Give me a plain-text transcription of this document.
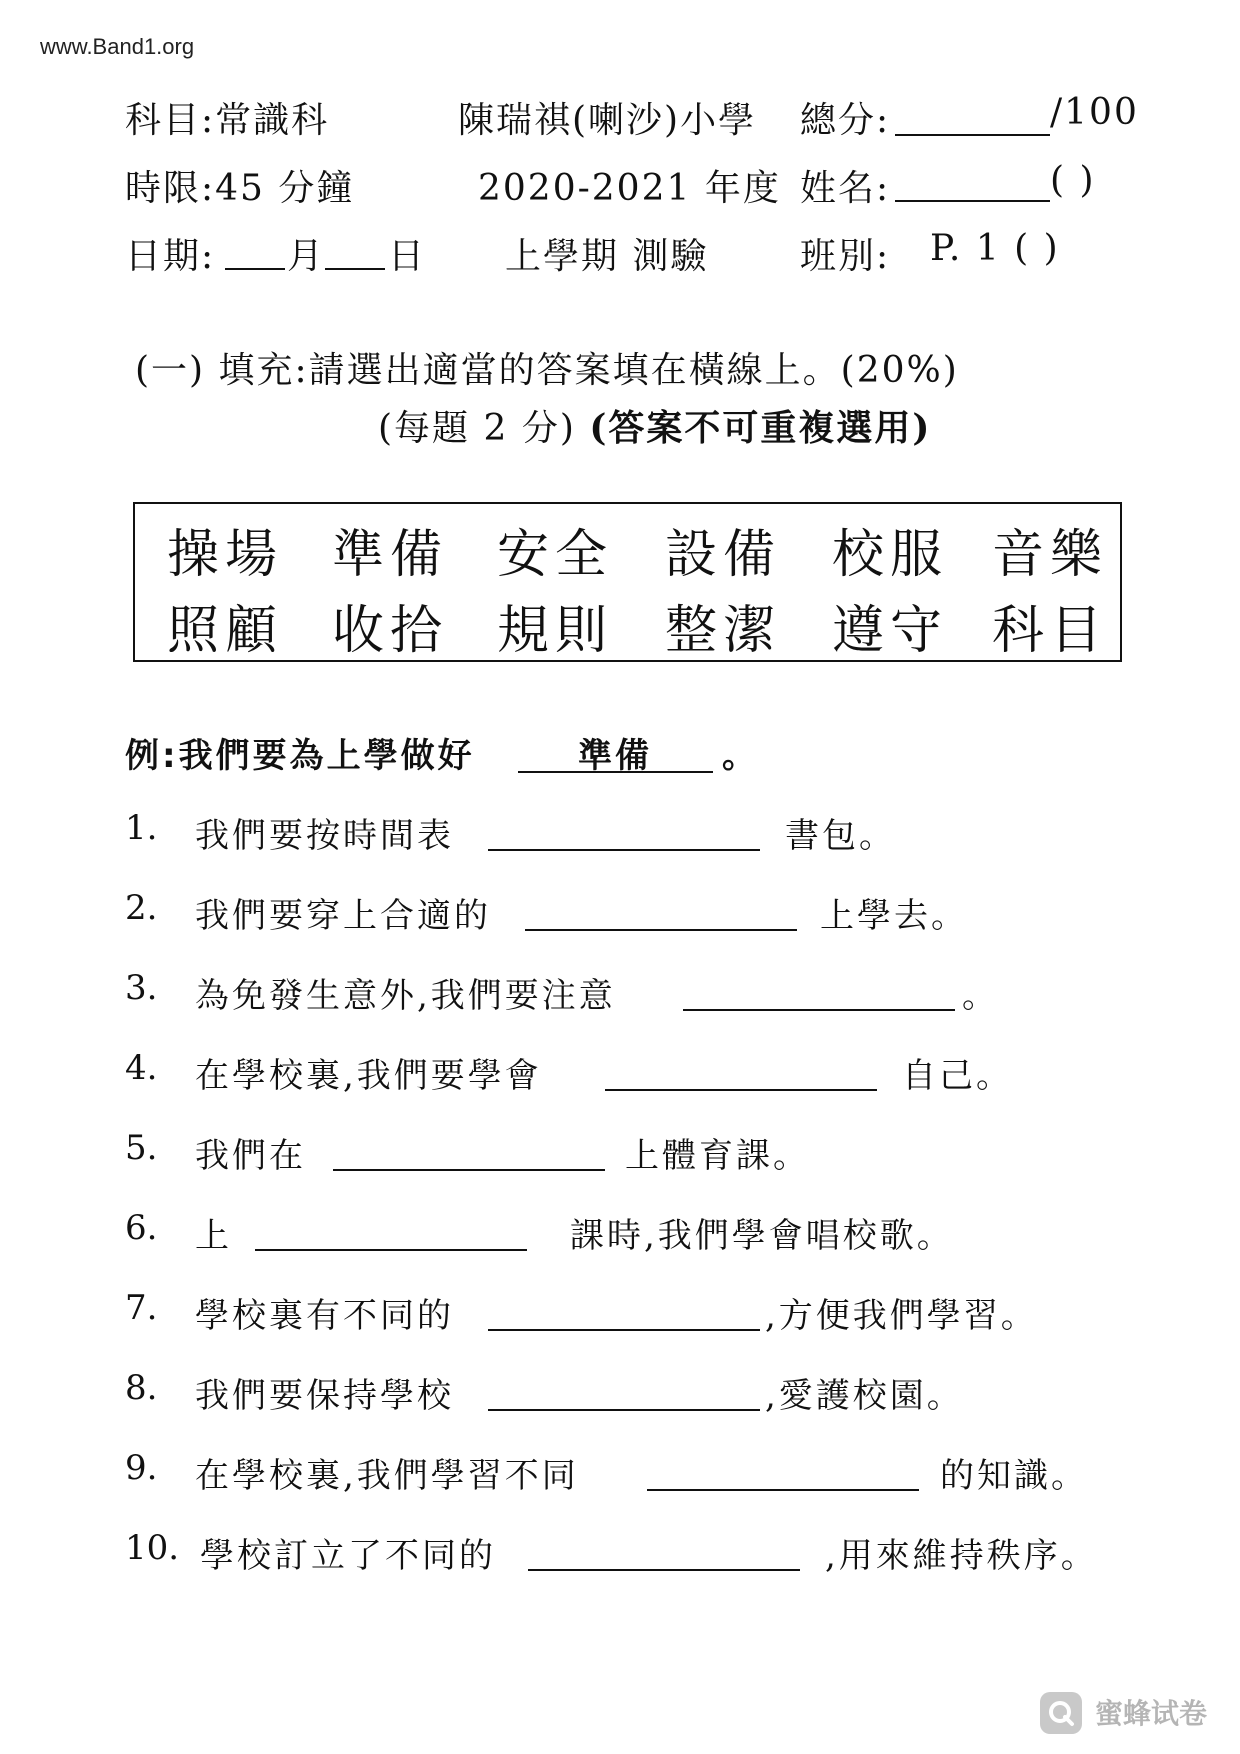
www.Band1.org
科目:常識科	陳瑞祺(喇沙)小學 總分:	/100
時限:45 分鐘	2020-2021 年度 姓名:	( )
日期: 月 日 上學期 測驗	班別: P. 1 ( )
(一) 填充:請選出適當的答案填在橫線上。(20%)
(每題 2 分) (答案不可重複選用)
操場 準備 安全 設備 校服 音樂
照顧 收拾 規則 整潔 遵守 科目
例:我們要為上學做好	準備 。
1. 我們要按時間表	書包。
2. 我們要穿上合適的	上學去。
3. 為免發生意外,我們要注意	。
4. 在學校裏,我們要學會	自己。
5. 我們在	上體育課。
6. 上	課時,我們學會唱校歌。
7. 學校裏有不同的	,方便我們學習。
8. 我們要保持學校	,愛護校園。
9. 在學校裏,我們學習不同	的知識。
10. 學校訂立了不同的	,用來維持秩序。
蜜蜂试卷
